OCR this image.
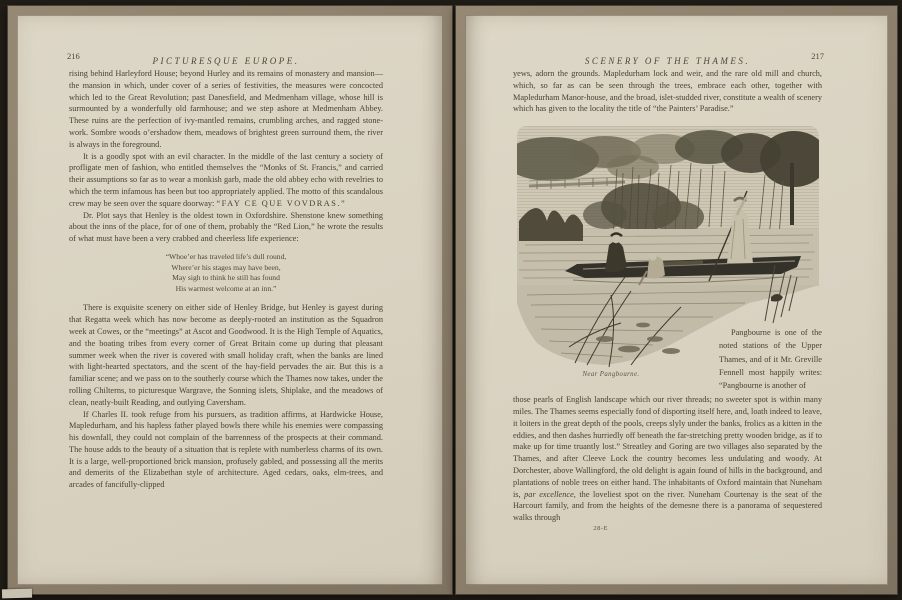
216	PICTURESQUE EUROPE.

rising behind Harleyford House; beyond Hurley and its remains of monastery and mansion—the mansion in which, under cover of a series of festivities, the measures were concocted which led to the Great Revolution; past Danesfield, and Medmenham village, whose hill is surmounted by a wonderfully old farmhouse; and we step ashore at Medmenham Abbey. These ruins are the perfection of ivy-mantled remains, crumbling arches, and ragged stone-work. Sombre woods o’ershadow them, meadows of brightest green surround them, the river is always in the foreground.

It is a goodly spot with an evil character. In the middle of the last century a society of profligate men of fashion, who entitled themselves the “Monks of St. Francis,” and carried their assumptions so far as to wear a monkish garb, made the old abbey echo with revelries to which the term infamous has been but too appropriately applied. The motto of this scandalous crew may be seen over the square doorway: “FAY CE QUE VOVDRAS.”

Dr. Plot says that Henley is the oldest town in Oxfordshire. Shenstone knew something about the inns of the place, for of one of them, probably the “Red Lion,” he wrote the results of what must have been a very crabbed and cheerless life experience:

“Whoe’er has traveled life’s dull round,
Where’er his stages may have been,
May sigh to think he still has found
His warmest welcome at an inn.”

There is exquisite scenery on either side of Henley Bridge, but Henley is gayest during that Regatta week which has now become as deeply-rooted an institution as the Squadron week at Cowes, or the “meetings” at Ascot and Goodwood. It is the High Temple of Aquatics, and the boating tribes from every corner of Great Britain come up during that pleasant summer week when the river is covered with small holiday craft, when the banks are lined with light-hearted spectators, and the scent of the hay-field pervades the air. But this is a familiar scene; and we pass on to the southerly course which the Thames now takes, under the rolling Chilterns, to picturesque Wargrave, the Sonning islets, Shiplake, and the meadows of clean, neatly-built Reading, and outlying Caversham.

If Charles II. took refuge from his pursuers, as tradition affirms, at Hardwicke House, Mapledurham, and his hapless father played bowls there while his enemies were compassing his downfall, they could not complain of the barrenness of the prospects at their command. The house adds to the beauty of a situation that is replete with numberless charms of its own. It is a large, well-proportioned brick mansion, profusely gabled, and possessing all the merits and demerits of the Elizabethan style of architecture. Aged cedars, oaks, elm-trees, and arcades of fancifully-clipped

SCENERY OF THE THAMES.	217

yews, adorn the grounds. Mapledurham lock and weir, and the rare old mill and church, which, so far as can be seen through the trees, embrace each other, together with Mapledurham Manor-house, and the broad, islet-studded river, constitute a wealth of scenery which has given to the locality the title of “the Painters’ Paradise.”

Near Pangbourne.
Pangbourne is one of the noted stations of the Upper Thames, and of it Mr. Greville Fennell most happily writes: “Pangbourne is another of

those pearls of English landscape which our river threads; no sweeter spot is within many miles. The Thames seems especially fond of disporting itself here, and, loath indeed to leave, it loiters in the great depth of the pools, creeps slyly under the banks, frolics as a kitten in the eddies, and then dashes hurriedly off beneath the far-stretching pretty wooden bridge, as if to make up for time truantly lost.” Streatley and Goring are two villages also separated by the Thames, and after Cleeve Lock the country becomes less undulating and woody. At Dorchester, above Wallingford, the old delight is again found of hills in the background, and plantations of noble trees on either hand. The inhabitants of Oxford maintain that Nuneham is, par excellence, the loveliest spot on the river. Nuneham Courtenay is the seat of the Harcourt family, and from the heights of the demesne there is a panorama of sequestered walks through

28-E
